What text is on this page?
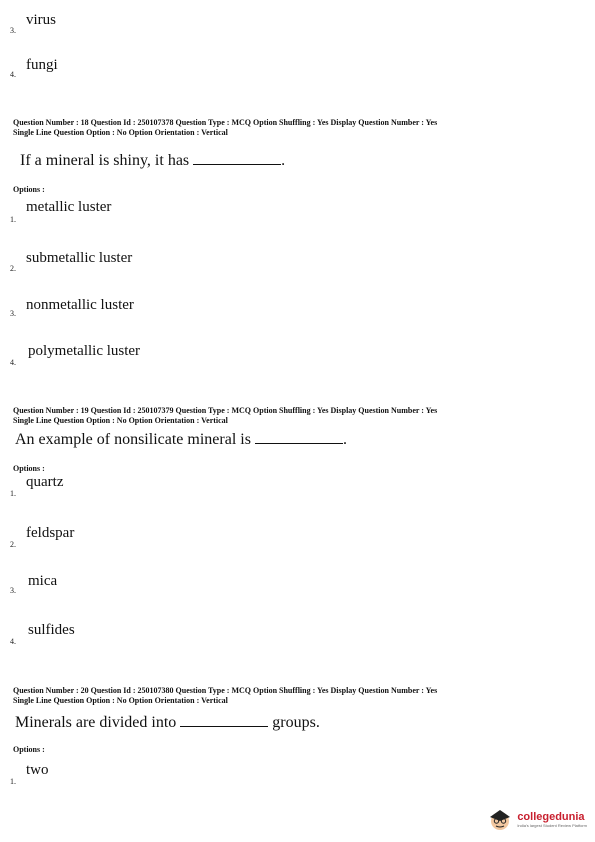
3.
virus
4.
fungi
Question Number : 18 Question Id : 250107378 Question Type : MCQ Option Shuffling : Yes Display Question Number : Yes
Single Line Question Option : No Option Orientation : Vertical
If a mineral is shiny, it has	.
Options :
1.
metallic luster
2.
submetallic luster
3.
nonmetallic luster
4.
polymetallic luster
Question Number : 19 Question Id : 250107379 Question Type : MCQ Option Shuffling : Yes Display Question Number : Yes
Single Line Question Option : No Option Orientation : Vertical
An example of nonsilicate mineral is	.
Options :
1.
quartz
2.
feldspar
3.
mica
4.
sulfides
Question Number : 20 Question Id : 250107380 Question Type : MCQ Option Shuffling : Yes Display Question Number : Yes
Single Line Question Option : No Option Orientation : Vertical
Minerals are divided into	groups.
Options :
1.
two
collegedunia
India's largest Student Review Platform
